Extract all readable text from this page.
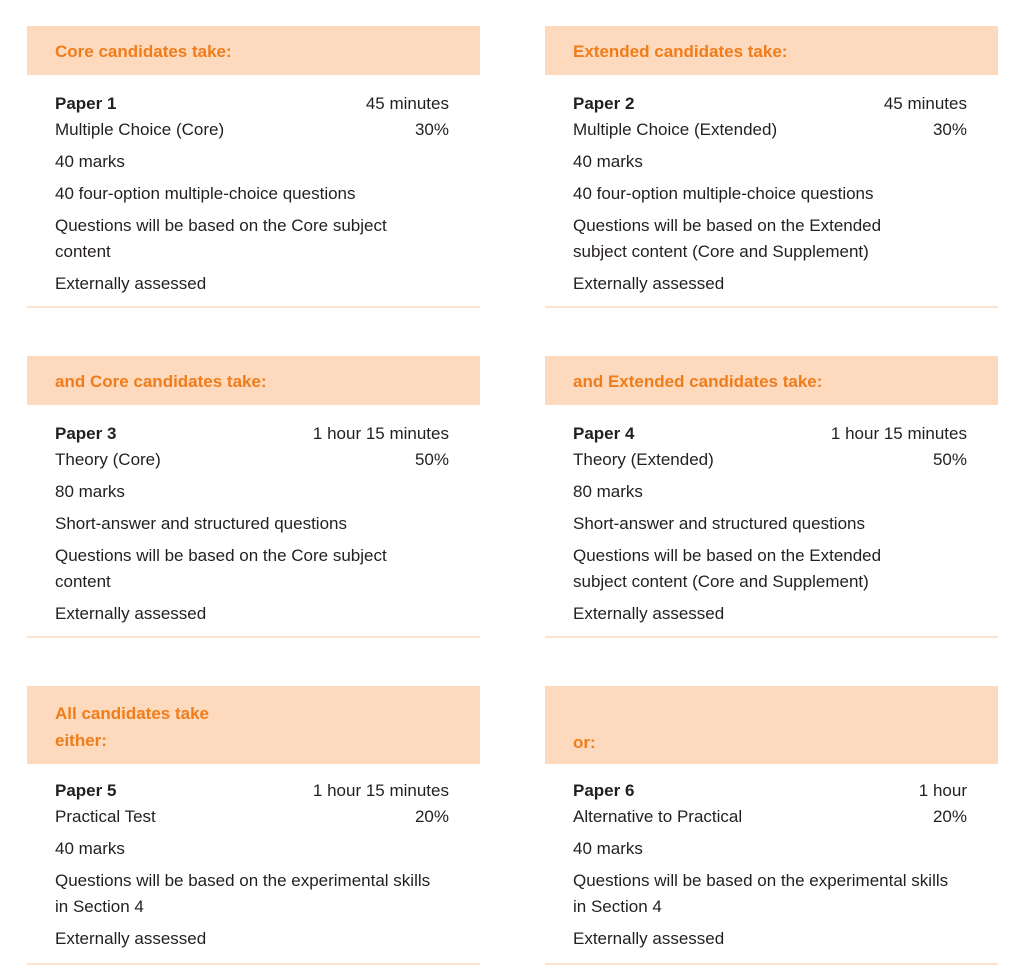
Core candidates take:
Paper 1	45 minutes
Multiple Choice (Core)	30%
40 marks
40 four-option multiple-choice questions
Questions will be based on the Core subject content
Externally assessed
Extended candidates take:
Paper 2	45 minutes
Multiple Choice (Extended)	30%
40 marks
40 four-option multiple-choice questions
Questions will be based on the Extended subject content (Core and Supplement)
Externally assessed
and Core candidates take:
Paper 3	1 hour 15 minutes
Theory (Core)	50%
80 marks
Short-answer and structured questions
Questions will be based on the Core subject content
Externally assessed
and Extended candidates take:
Paper 4	1 hour 15 minutes
Theory (Extended)	50%
80 marks
Short-answer and structured questions
Questions will be based on the Extended subject content (Core and Supplement)
Externally assessed
All candidates take either:
Paper 5	1 hour 15 minutes
Practical Test	20%
40 marks
Questions will be based on the experimental skills in Section 4
Externally assessed
or:
Paper 6	1 hour
Alternative to Practical	20%
40 marks
Questions will be based on the experimental skills in Section 4
Externally assessed
